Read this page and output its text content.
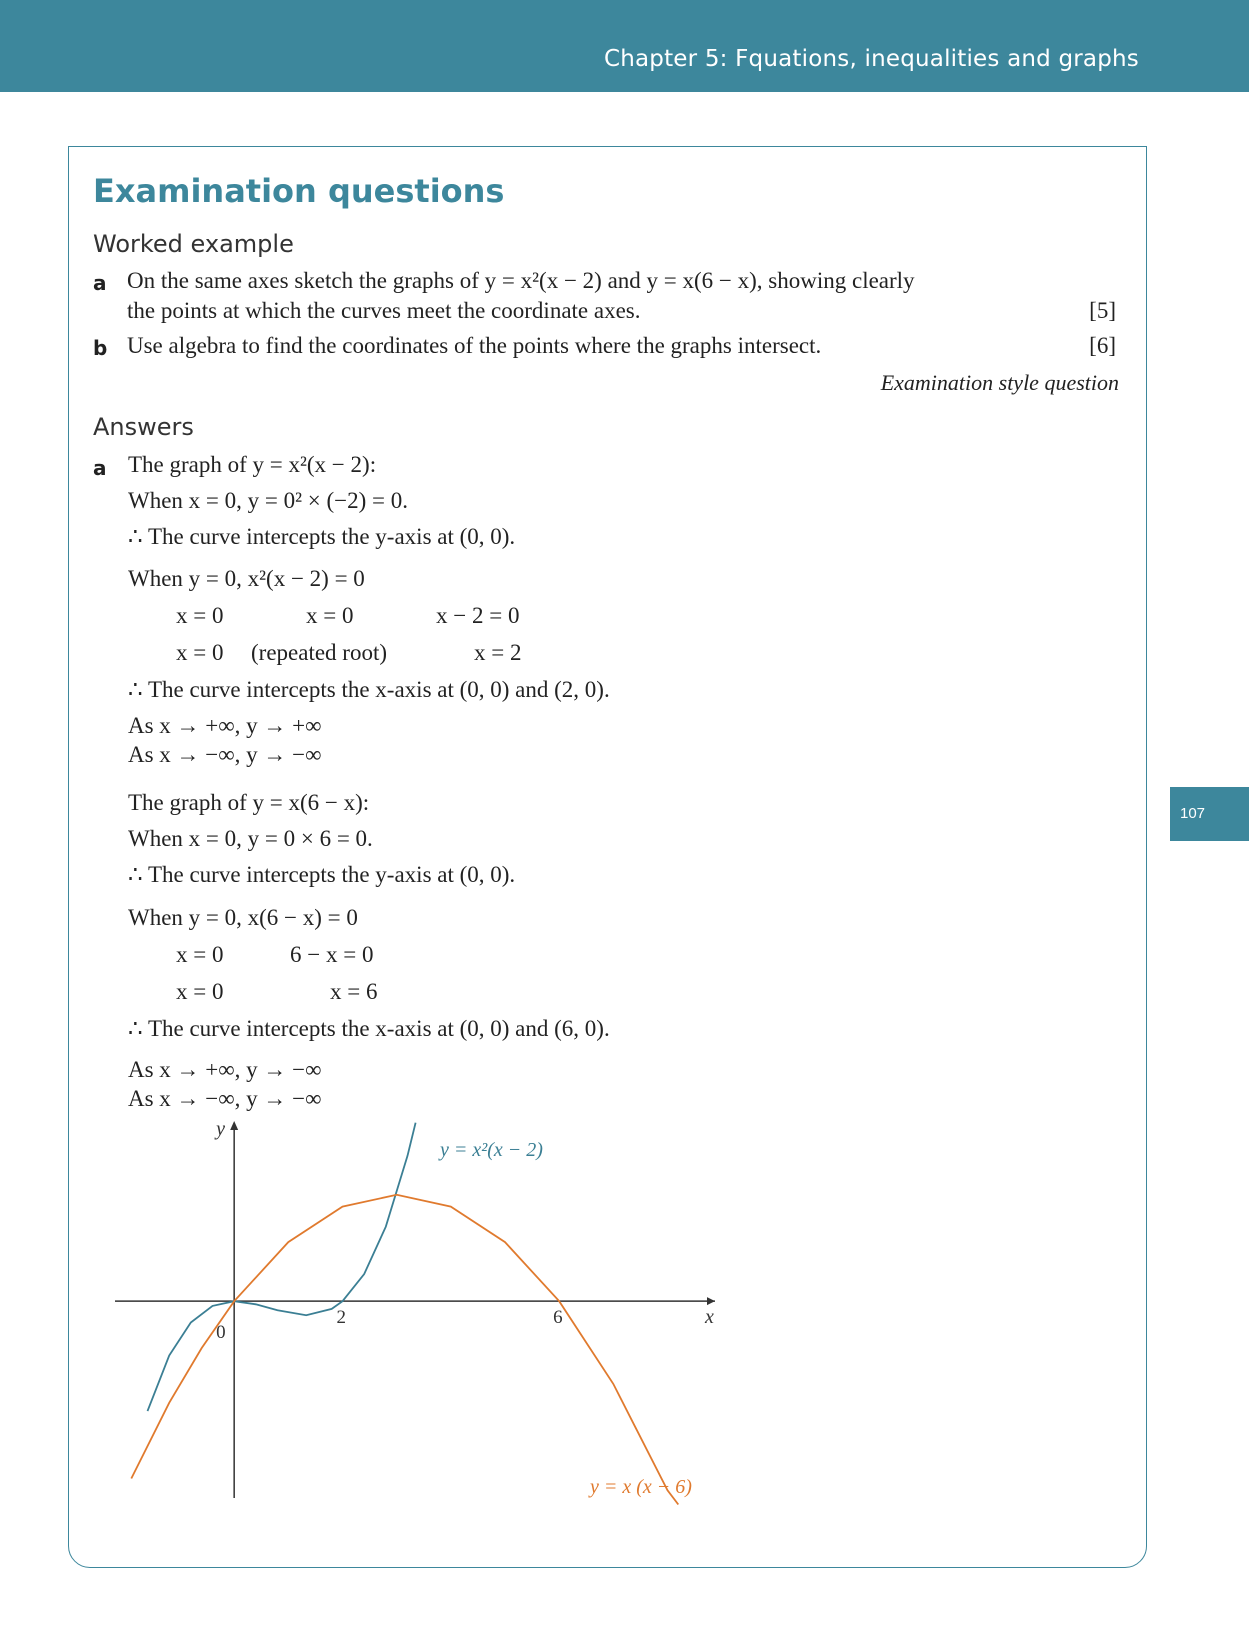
Chapter 5: Fquations, inequalities and graphs
107
Examination questions
Worked example
a On the same axes sketch the graphs of y = x²(x − 2) and y = x(6 − x), showing clearly
the points at which the curves meet the coordinate axes.	[5]
b Use algebra to find the coordinates of the points where the graphs intersect.	[6]
Examination style question
Answers
a The graph of y = x²(x − 2):
When x = 0, y = 0² × (−2) = 0.
∴ The curve intercepts the y-axis at (0, 0).
When y = 0, x²(x − 2) = 0
x = 0	x = 0	x − 2 = 0
x = 0 (repeated root)	x = 2
∴ The curve intercepts the x-axis at (0, 0) and (2, 0).
As x → +∞, y → +∞
As x → −∞, y → −∞
The graph of y = x(6 − x):
When x = 0, y = 0 × 6 = 0.
∴ The curve intercepts the y-axis at (0, 0).
When y = 0, x(6 − x) = 0
x = 0	6 − x = 0
x = 0	x = 6
∴ The curve intercepts the x-axis at (0, 0) and (6, 0).
As x → +∞, y → −∞
As x → −∞, y → −∞
x
y
0
2	6
y = x²(x − 2)
y = x (x − 6)
